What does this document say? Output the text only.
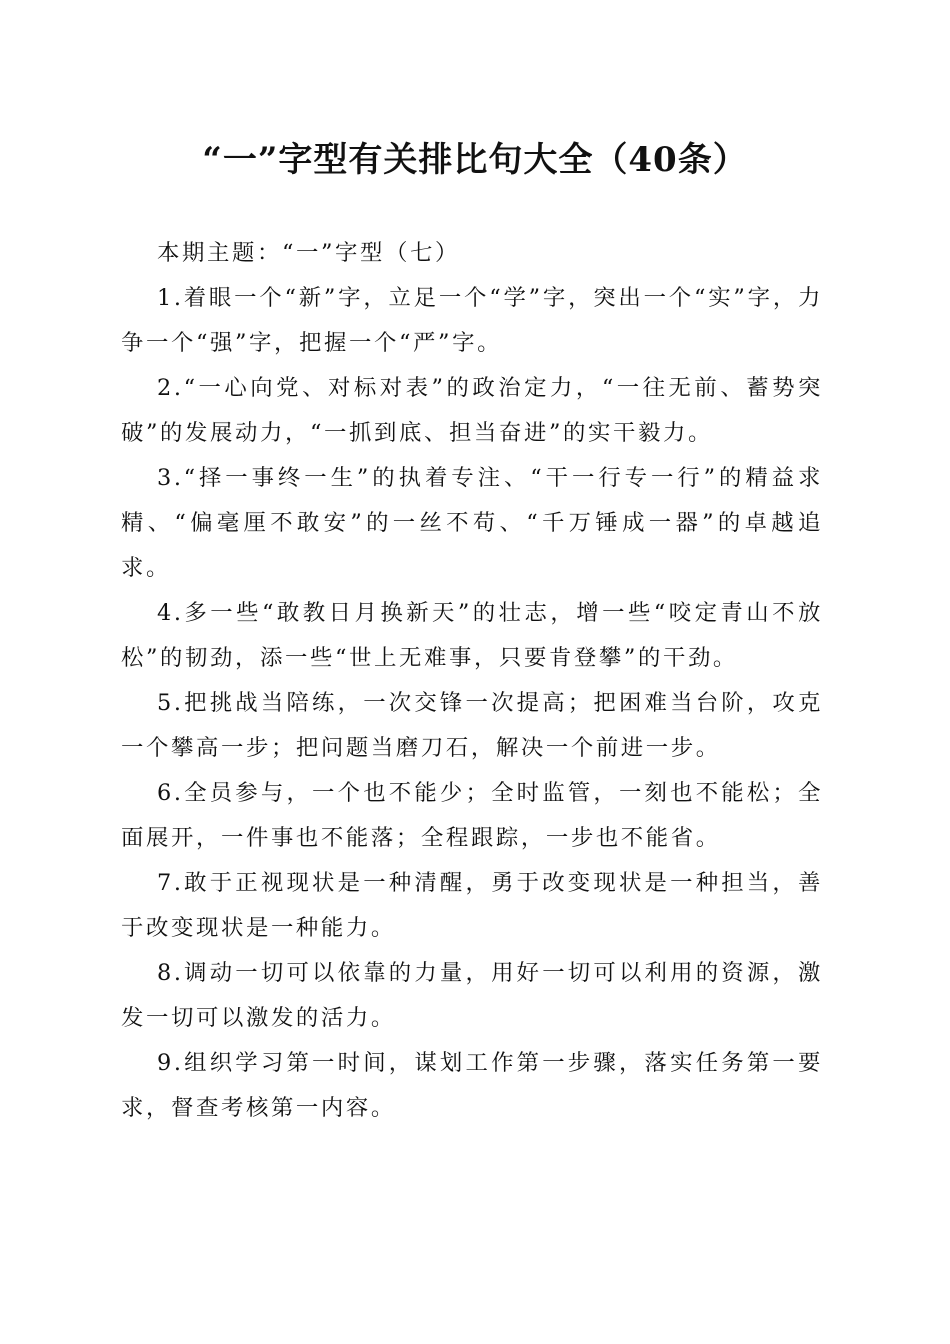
“一”字型有关排比句大全（40条）

本期主题：“一”字型（七）

1.着眼一个“新”字，立足一个“学”字，突出一个“实”字，力争一个“强”字，把握一个“严”字。

2.“一心向党、对标对表”的政治定力，“一往无前、蓄势突破”的发展动力，“一抓到底、担当奋进”的实干毅力。

3.“择一事终一生”的执着专注、“干一行专一行”的精益求精、“偏毫厘不敢安”的一丝不苟、“千万锤成一器”的卓越追求。

4.多一些“敢教日月换新天”的壮志，增一些“咬定青山不放松”的韧劲，添一些“世上无难事，只要肯登攀”的干劲。

5.把挑战当陪练，一次交锋一次提高；把困难当台阶，攻克一个攀高一步；把问题当磨刀石，解决一个前进一步。

6.全员参与，一个也不能少；全时监管，一刻也不能松；全面展开，一件事也不能落；全程跟踪，一步也不能省。

7.敢于正视现状是一种清醒，勇于改变现状是一种担当，善于改变现状是一种能力。

8.调动一切可以依靠的力量，用好一切可以利用的资源，激发一切可以激发的活力。

9.组织学习第一时间，谋划工作第一步骤，落实任务第一要求，督查考核第一内容。
